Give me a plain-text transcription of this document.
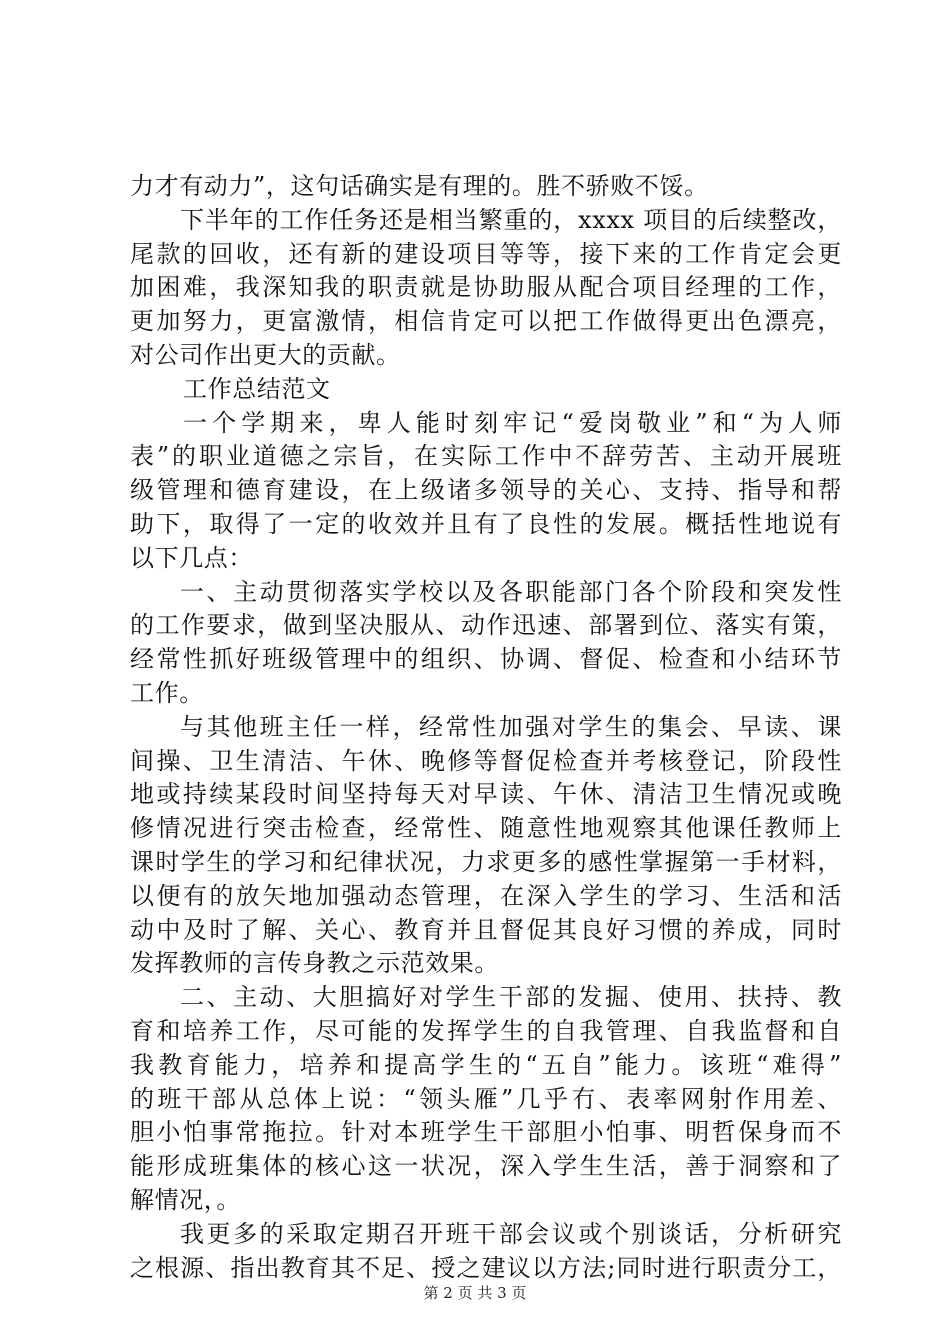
力才有动力”，这句话确实是有理的。胜不骄败不馁。
下半年的工作任务还是相当繁重的，xxxx 项目的后续整改，
尾款的回收，还有新的建设项目等等，接下来的工作肯定会更
加困难，我深知我的职责就是协助服从配合项目经理的工作，
更加努力，更富激情，相信肯定可以把工作做得更出色漂亮，
对公司作出更大的贡献。
工作总结范文
一个学期来，卑人能时刻牢记“爱岗敬业”和“为人师
表”的职业道德之宗旨，在实际工作中不辞劳苦、主动开展班
级管理和德育建设，在上级诸多领导的关心、支持、指导和帮
助下，取得了一定的收效并且有了良性的发展。概括性地说有
以下几点：
一、主动贯彻落实学校以及各职能部门各个阶段和突发性
的工作要求，做到坚决服从、动作迅速、部署到位、落实有策，
经常性抓好班级管理中的组织、协调、督促、检查和小结环节
工作。
与其他班主任一样，经常性加强对学生的集会、早读、课
间操、卫生清洁、午休、晚修等督促检查并考核登记，阶段性
地或持续某段时间坚持每天对早读、午休、清洁卫生情况或晚
修情况进行突击检查，经常性、随意性地观察其他课任教师上
课时学生的学习和纪律状况，力求更多的感性掌握第一手材料，
以便有的放矢地加强动态管理，在深入学生的学习、生活和活
动中及时了解、关心、教育并且督促其良好习惯的养成，同时
发挥教师的言传身教之示范效果。
二、主动、大胆搞好对学生干部的发掘、使用、扶持、教
育和培养工作，尽可能的发挥学生的自我管理、自我监督和自
我教育能力，培养和提高学生的“五自”能力。该班“难得”
的班干部从总体上说：“领头雁”几乎冇、表率网射作用差、
胆小怕事常拖拉。针对本班学生干部胆小怕事、明哲保身而不
能形成班集体的核心这一状况，深入学生生活，善于洞察和了
解情况，。
我更多的采取定期召开班干部会议或个别谈话，分析研究
之根源、指出教育其不足、授之建议以方法;同时进行职责分工，
第 2 页 共 3 页
